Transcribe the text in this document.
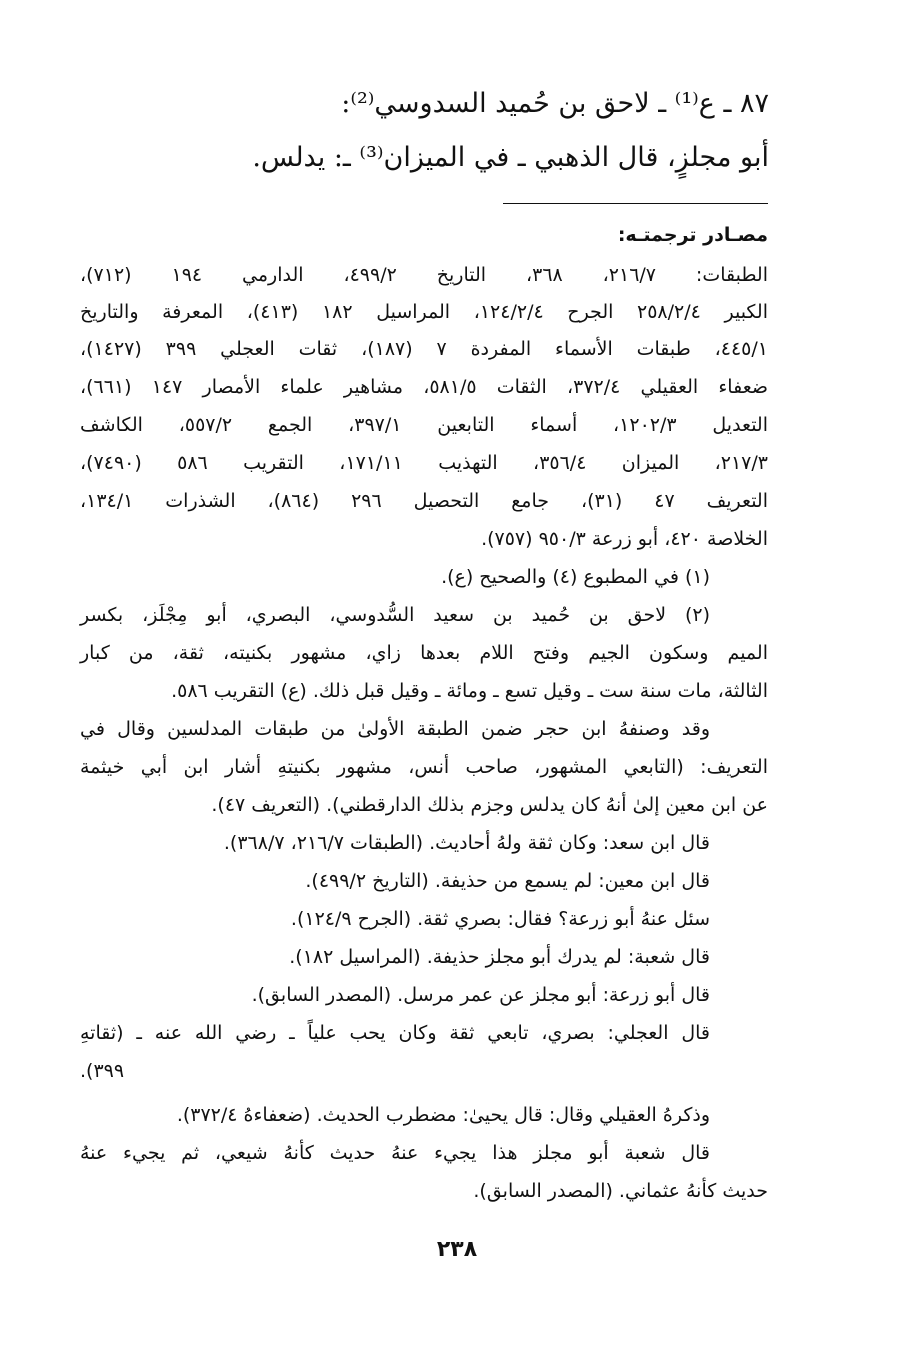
٨٧ ـ ع⁽¹⁾ ـ لاحق بن حُميد السدوسي⁽²⁾:
أبو مجلزٍ، قال الذهبي ـ في الميزان⁽³⁾ ـ: يدلس.
مصـادر ترجمتـه:
الطبقات: ٢١٦/٧، ٣٦٨، التاريخ ٤٩٩/٢، الدارمي ١٩٤ (٧١٢)،
الكبير ٢٥٨/٢/٤ الجرح ١٢٤/٢/٤، المراسيل ١٨٢ (٤١٣)، المعرفة والتاريخ
٤٤٥/١، طبقات الأسماء المفردة ٧ (١٨٧)، ثقات العجلي ٣٩٩ (١٤٢٧)،
ضعفاء العقيلي ٣٧٢/٤، الثقات ٥٨١/٥، مشاهير علماء الأمصار ١٤٧ (٦٦١)،
التعديل ١٢٠٢/٣، أسماء التابعين ٣٩٧/١، الجمع ٥٥٧/٢، الكاشف
٢١٧/٣، الميزان ٣٥٦/٤، التهذيب ١٧١/١١، التقريب ٥٨٦ (٧٤٩٠)،
التعريف ٤٧ (٣١)، جامع التحصيل ٢٩٦ (٨٦٤)، الشذرات ١٣٤/١،
الخلاصة ٤٢٠، أبو زرعة ٩٥٠/٣ (٧٥٧).
(١) في المطبوع (٤) والصحيح (ع).
(٢) لاحق بن حُميد بن سعيد السُّدوسي، البصري، أبو مِجْلَز، بكسر
الميم وسكون الجيم وفتح اللام بعدها زاي، مشهور بكنيته، ثقة، من كبار
الثالثة، مات سنة ست ـ وقيل تسع ـ ومائة ـ وقيل قبل ذلك. (ع) التقريب ٥٨٦.
وقد وصنفهُ ابن حجر ضمن الطبقة الأولىٰ من طبقات المدلسين وقال في
التعريف: (التابعي المشهور، صاحب أنس، مشهور بكنيتهِ أشار ابن أبي خيثمة
عن ابن معين إلىٰ أنهُ كان يدلس وجزم بذلك الدارقطني). (التعريف ٤٧).
قال ابن سعد: وكان ثقة ولهُ أحاديث. (الطبقات ٢١٦/٧، ٣٦٨/٧).
قال ابن معين: لم يسمع من حذيفة. (التاريخ ٤٩٩/٢).
سئل عنهُ أبو زرعة؟ فقال: بصري ثقة. (الجرح ١٢٤/٩).
قال شعبة: لم يدرك أبو مجلز حذيفة. (المراسيل ١٨٢).
قال أبو زرعة: أبو مجلز عن عمر مرسل. (المصدر السابق).
قال العجلي: بصري، تابعي ثقة وكان يحب علياً ـ رضي الله عنه ـ (ثقاتهِ
٣٩٩).
وذكرهُ العقيلي وقال: قال يحيىٰ: مضطرب الحديث. (ضعفاءهُ ٣٧٢/٤).
قال شعبة أبو مجلز هذا يجيء عنهُ حديث كأنهُ شيعي، ثم يجيء عنهُ
حديث كأنهُ عثماني. (المصدر السابق).
٢٣٨
